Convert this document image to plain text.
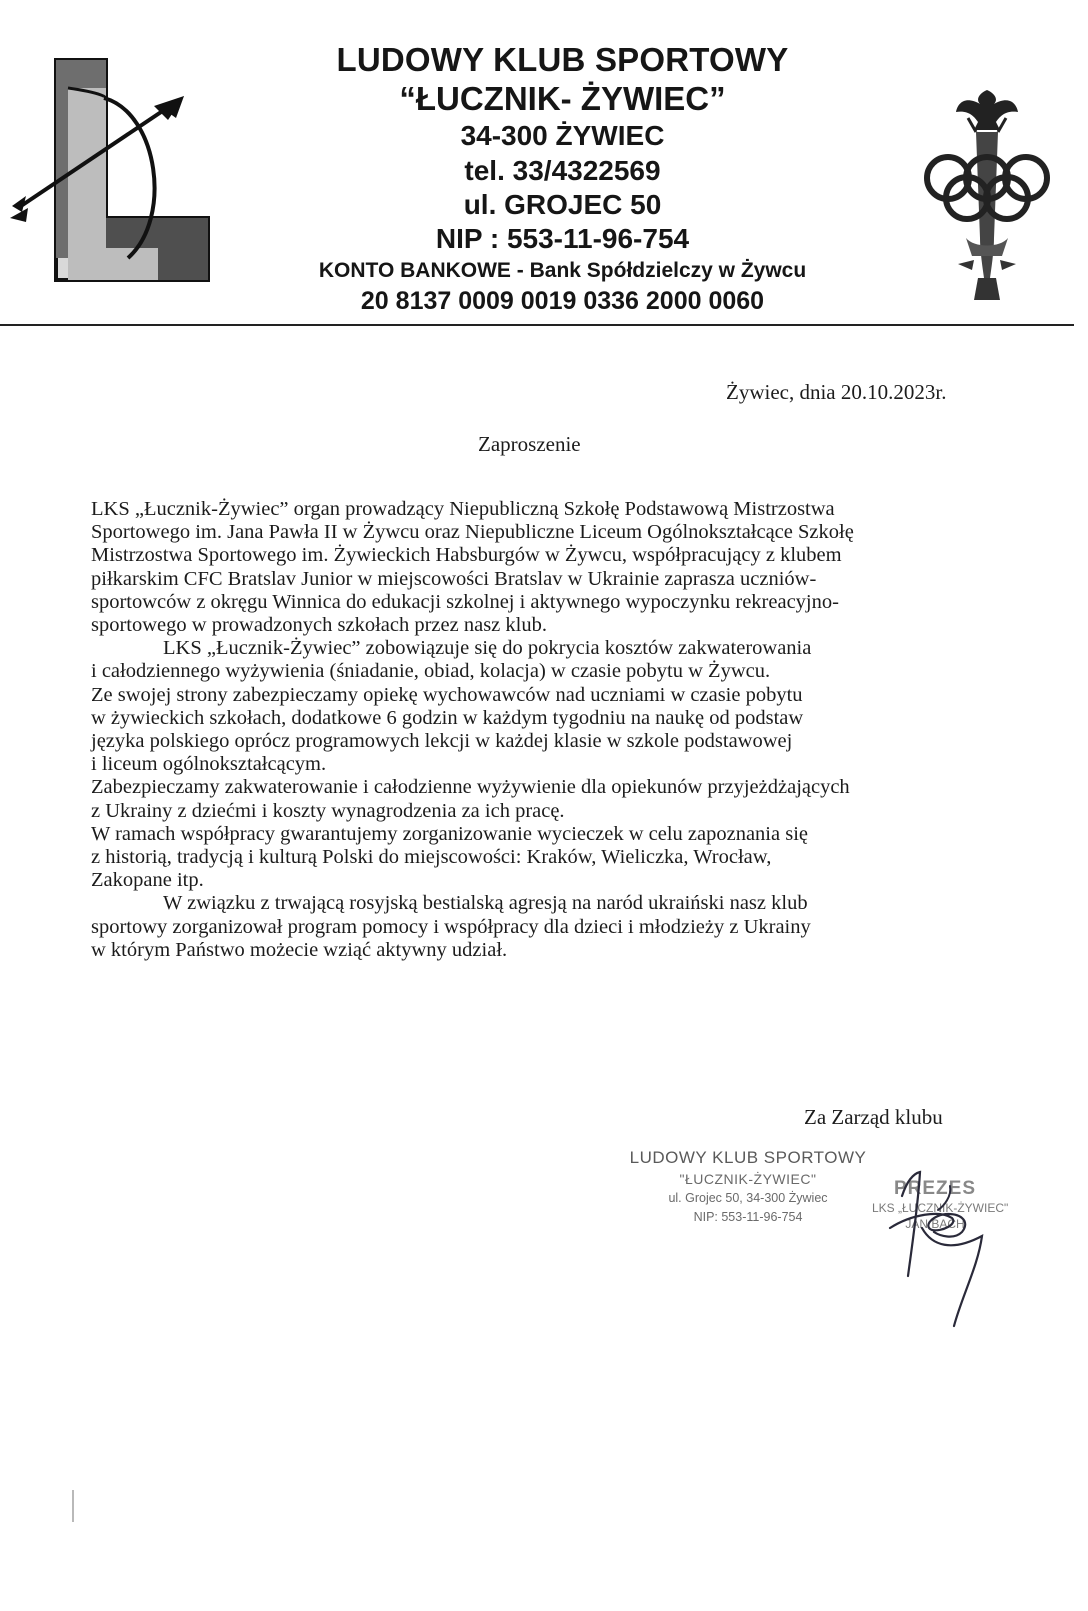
LUDOWY KLUB SPORTOWY
“ŁUCZNIK- ŻYWIEC”
34-300 ŻYWIEC
tel. 33/4322569
ul. GROJEC 50
NIP : 553-11-96-754
KONTO BANKOWE - Bank Spółdzielczy w Żywcu
20 8137 0009 0019 0336 2000 0060
Żywiec, dnia 20.10.2023r.
Zaproszenie
LKS „Łucznik-Żywiec” organ prowadzący Niepubliczną Szkołę Podstawową Mistrzostwa
Sportowego im. Jana Pawła II w Żywcu oraz Niepubliczne Liceum Ogólnokształcące Szkołę
Mistrzostwa Sportowego im. Żywieckich Habsburgów w Żywcu, współpracujący z klubem
piłkarskim CFC Bratslav Junior w miejscowości Bratslav w Ukrainie zaprasza uczniów-
sportowców z okręgu Winnica do edukacji szkolnej i aktywnego wypoczynku rekreacyjno-
sportowego w prowadzonych szkołach przez nasz klub.
LKS „Łucznik-Żywiec” zobowiązuje się do pokrycia kosztów zakwaterowania
i całodziennego wyżywienia (śniadanie, obiad, kolacja) w czasie pobytu w Żywcu.
Ze swojej strony zabezpieczamy opiekę wychowawców nad uczniami w czasie pobytu
w żywieckich szkołach, dodatkowe 6 godzin w każdym tygodniu na naukę od podstaw
języka polskiego oprócz programowych lekcji w każdej klasie w szkole podstawowej
i liceum ogólnokształcącym.
Zabezpieczamy zakwaterowanie i całodzienne wyżywienie dla opiekunów przyjeżdżających
z Ukrainy z dziećmi i koszty wynagrodzenia za ich pracę.
W ramach współpracy gwarantujemy zorganizowanie wycieczek w celu zapoznania się
z historią, tradycją i kulturą Polski do miejscowości: Kraków, Wieliczka, Wrocław,
Zakopane itp.
W związku z trwającą rosyjską bestialską agresją na naród ukraiński nasz klub
sportowy zorganizował program pomocy i współpracy dla dzieci i młodzieży z Ukrainy
w którym Państwo możecie wziąć aktywny udział.
Za Zarząd klubu
LUDOWY KLUB SPORTOWY
"ŁUCZNIK-ŻYWIEC"
ul. Grojec 50, 34-300 Żywiec
NIP: 553-11-96-754
PREZES
LKS „ŁUCZNIK-ŻYWIEC"
JAN BACH
